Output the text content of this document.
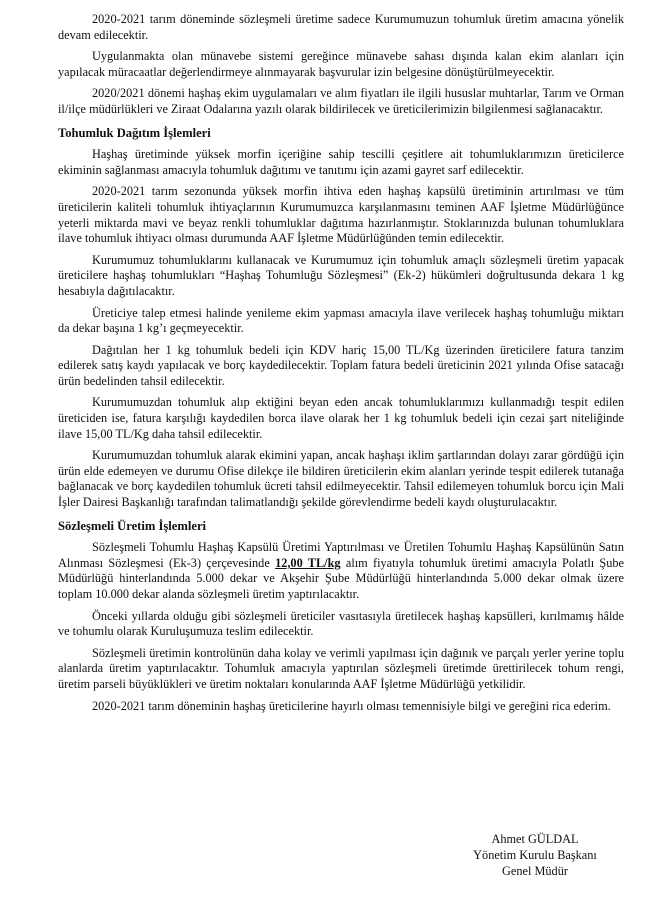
2020-2021 tarım döneminde sözleşmeli üretime sadece Kurumumuzun tohumluk üretim amacına yönelik devam edilecektir.

Uygulanmakta olan münavebe sistemi gereğince münavebe sahası dışında kalan ekim alanları için yapılacak müracaatlar değerlendirmeye alınmayarak başvurular izin belgesine dönüştürülmeyecektir.

2020/2021 dönemi haşhaş ekim uygulamaları ve alım fiyatları ile ilgili hususlar muhtarlar, Tarım ve Orman il/ilçe müdürlükleri ve Ziraat Odalarına yazılı olarak bildirilecek ve üreticilerimizin bilgilenmesi sağlanacaktır.

Tohumluk Dağıtım İşlemleri

Haşhaş üretiminde yüksek morfin içeriğine sahip tescilli çeşitlere ait tohumluklarımızın üreticilerce ekiminin sağlanması amacıyla tohumluk dağıtımı ve tanıtımı için azami gayret sarf edilecektir.

2020-2021 tarım sezonunda yüksek morfin ihtiva eden haşhaş kapsülü üretiminin artırılması ve tüm üreticilerin kaliteli tohumluk ihtiyaçlarının Kurumumuzca karşılanmasını teminen AAF İşletme Müdürlüğünce yeterli miktarda mavi ve beyaz renkli tohumluklar dağıtıma hazırlanmıştır. Stoklarınızda bulunan tohumluklara ilave tohumluk ihtiyacı olması durumunda AAF İşletme Müdürlüğünden temin edilecektir.

Kurumumuz tohumluklarını kullanacak ve Kurumumuz için tohumluk amaçlı sözleşmeli üretim yapacak üreticilere haşhaş tohumlukları “Haşhaş Tohumluğu Sözleşmesi” (Ek-2) hükümleri doğrultusunda dekara 1 kg hesabıyla dağıtılacaktır.

Üreticiye talep etmesi halinde yenileme ekim yapması amacıyla ilave verilecek haşhaş tohumluğu miktarı da dekar başına 1 kg’ı geçmeyecektir.

Dağıtılan her 1 kg tohumluk bedeli için KDV hariç 15,00 TL/Kg üzerinden üreticilere fatura tanzim edilerek satış kaydı yapılacak ve borç kaydedilecektir. Toplam fatura bedeli üreticinin 2021 yılında Ofise satacağı ürün bedelinden tahsil edilecektir.

Kurumumuzdan tohumluk alıp ektiğini beyan eden ancak tohumluklarımızı kullanmadığı tespit edilen üreticiden ise, fatura karşılığı kaydedilen borca ilave olarak her 1 kg tohumluk bedeli için cezai şart niteliğinde ilave 15,00 TL/Kg daha tahsil edilecektir.

Kurumumuzdan tohumluk alarak ekimini yapan, ancak haşhaşı iklim şartlarından dolayı zarar gördüğü için ürün elde edemeyen ve durumu Ofise dilekçe ile bildiren üreticilerin ekim alanları yerinde tespit edilerek tutanağa bağlanacak ve borç kaydedilen tohumluk ücreti tahsil edilmeyecektir. Tahsil edilemeyen tohumluk borcu için Mali İşler Dairesi Başkanlığı tarafından talimatlandığı şekilde görevlendirme bedeli kaydı oluşturulacaktır.

Sözleşmeli Üretim İşlemleri

Sözleşmeli Tohumlu Haşhaş Kapsülü Üretimi Yaptırılması ve Üretilen Tohumlu Haşhaş Kapsülünün Satın Alınması Sözleşmesi (Ek-3) çerçevesinde 12,00 TL/kg alım fiyatıyla tohumluk üretimi amacıyla Polatlı Şube Müdürlüğü hinterlandında 5.000 dekar ve Akşehir Şube Müdürlüğü hinterlandında 5.000 dekar olmak üzere toplam 10.000 dekar alanda sözleşmeli üretim yaptırılacaktır.

Önceki yıllarda olduğu gibi sözleşmeli üreticiler vasıtasıyla üretilecek haşhaş kapsülleri, kırılmamış hâlde ve tohumlu olarak Kuruluşumuza teslim edilecektir.

Sözleşmeli üretimin kontrolünün daha kolay ve verimli yapılması için dağınık ve parçalı yerler yerine toplu alanlarda üretim yaptırılacaktır. Tohumluk amacıyla yaptırılan sözleşmeli üretimde ürettirilecek tohum rengi, üretim parseli büyüklükleri ve üretim noktaları konularında AAF İşletme Müdürlüğü yetkilidir.

2020-2021 tarım döneminin haşhaş üreticilerine hayırlı olması temennisiyle bilgi ve gereğini rica ederim.

Ahmet GÜLDAL
Yönetim Kurulu Başkanı
Genel Müdür
